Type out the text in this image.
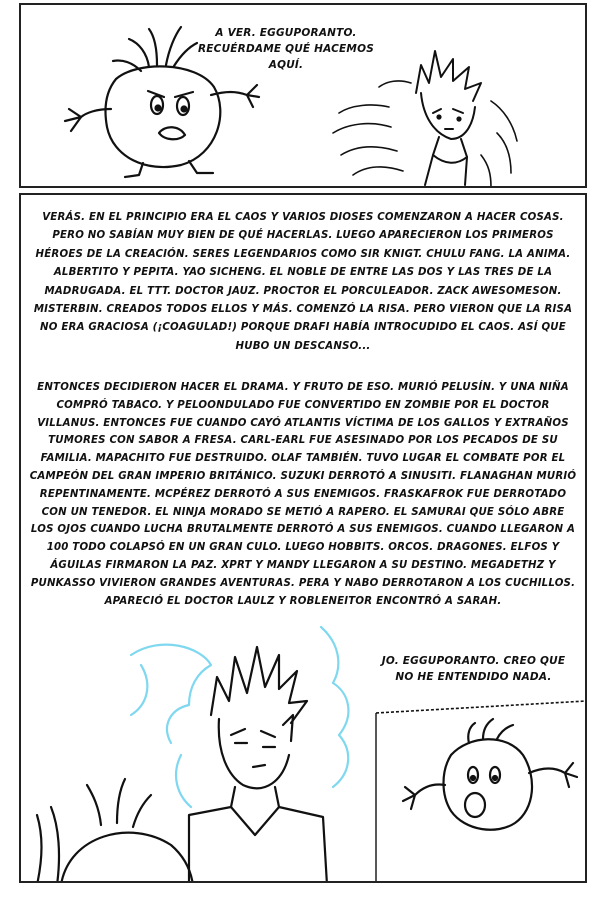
A VER. EGGUPORANTO. RECUÉRDAME QUÉ HACEMOS AQUÍ.

VERÁS. EN EL PRINCIPIO ERA EL CAOS Y VARIOS DIOSES COMENZARON A HACER COSAS. PERO NO SABÍAN MUY BIEN DE QUÉ HACERLAS. LUEGO APARECIERON LOS PRIMEROS HÉROES DE LA CREACIÓN. SERES LEGENDARIOS COMO SIR KNIGT. CHULU FANG. LA ANIMA. ALBERTITO Y PEPITA. YAO SICHENG. EL NOBLE DE ENTRE LAS DOS Y LAS TRES DE LA MADRUGADA. EL TTT. DOCTOR JAUZ. PROCTOR EL PORCULEADOR. ZACK AWESOMESON. MISTERBIN. CREADOS TODOS ELLOS Y MÁS. COMENZÓ LA RISA. PERO VIERON QUE LA RISA NO ERA GRACIOSA (¡COAGULAD!) PORQUE DRAFI HABÍA INTROCUDIDO EL CAOS. ASÍ QUE HUBO UN DESCANSO...

ENTONCES DECIDIERON HACER EL DRAMA. Y FRUTO DE ESO. MURIÓ PELUSÍN. Y UNA NIÑA COMPRÓ TABACO. Y PELOONDULADO FUE CONVERTIDO EN ZOMBIE POR EL DOCTOR VILLANUS. ENTONCES FUE CUANDO CAYÓ ATLANTIS VÍCTIMA DE LOS GALLOS Y EXTRAÑOS TUMORES CON SABOR A FRESA. CARL-EARL FUE ASESINADO POR LOS PECADOS DE SU FAMILIA. MAPACHITO FUE DESTRUIDO. OLAF TAMBIÉN. TUVO LUGAR EL COMBATE POR EL CAMPEÓN DEL GRAN IMPERIO BRITÁNICO. SUZUKI DERROTÓ A SINUSITI. FLANAGHAN MURIÓ REPENTINAMENTE. MCPÉREZ DERROTÓ A SUS ENEMIGOS. FRASKAFROK FUE DERROTADO CON UN TENEDOR. EL NINJA MORADO SE METIÓ A RAPERO. EL SAMURAI QUE SÓLO ABRE LOS OJOS CUANDO LUCHA BRUTALMENTE DERROTÓ A SUS ENEMIGOS. CUANDO LLEGARON A 100 TODO COLAPSÓ EN UN GRAN CULO. LUEGO HOBBITS. ORCOS. DRAGONES. ELFOS Y ÁGUILAS FIRMARON LA PAZ. XPRT Y MANDY LLEGARON A SU DESTINO. MEGADETHZ Y PUNKASSO VIVIERON GRANDES AVENTURAS. PERA Y NABO DERROTARON A LOS CUCHILLOS. APARECIÓ EL DOCTOR LAULZ Y ROBLENEITOR ENCONTRÓ A SARAH.

JO. EGGUPORANTO. CREO QUE NO HE ENTENDIDO NADA.
